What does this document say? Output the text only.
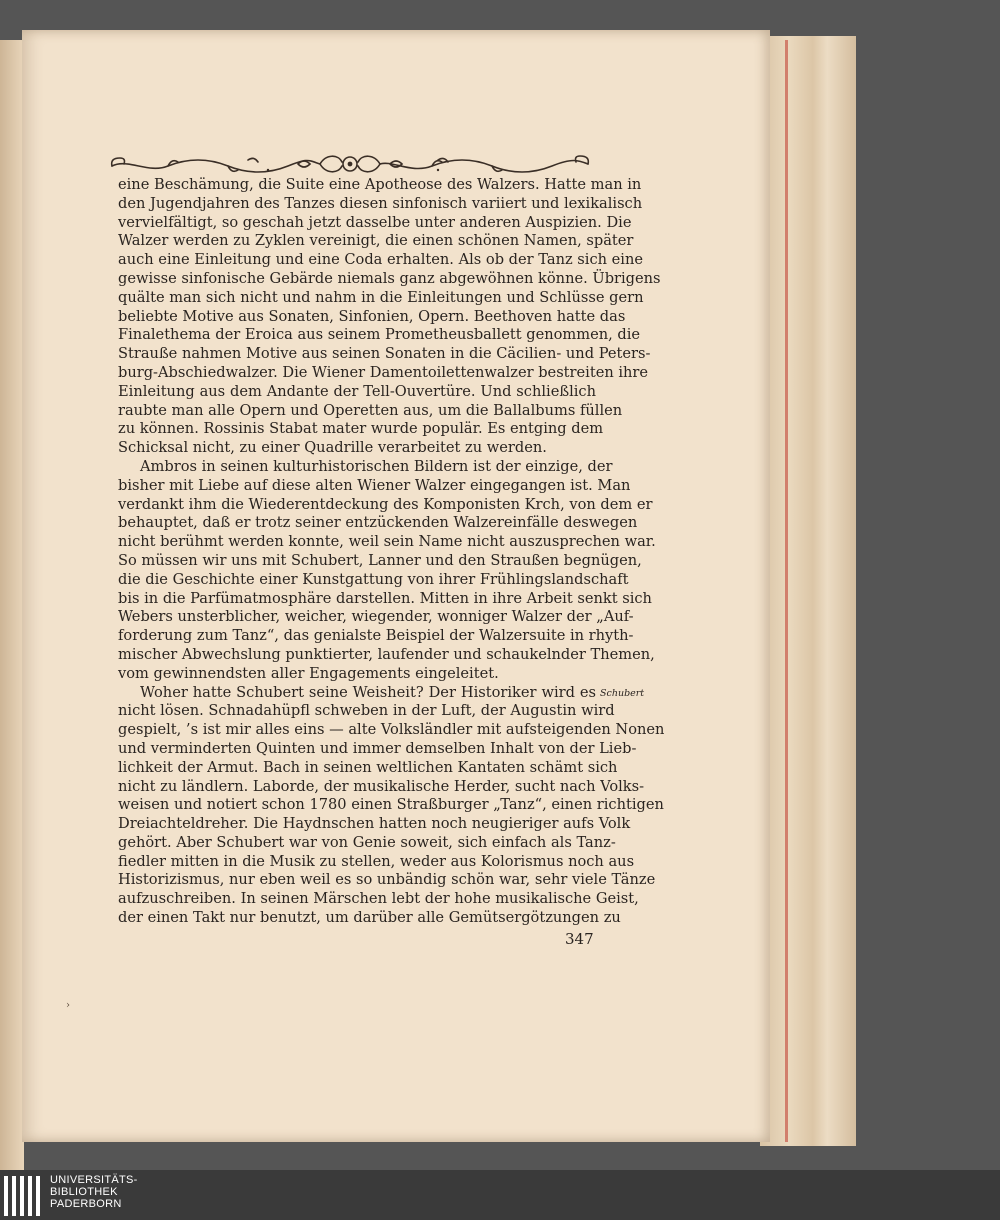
eine Beschämung, die Suite eine Apotheose des Walzers. Hatte man in
den Jugendjahren des Tanzes diesen sinfonisch variiert und lexikalisch
vervielfältigt, so geschah jetzt dasselbe unter anderen Auspizien. Die
Walzer werden zu Zyklen vereinigt, die einen schönen Namen, später
auch eine Einleitung und eine Coda erhalten. Als ob der Tanz sich eine
gewisse sinfonische Gebärde niemals ganz abgewöhnen könne. Übrigens
quälte man sich nicht und nahm in die Einleitungen und Schlüsse gern
beliebte Motive aus Sonaten, Sinfonien, Opern. Beethoven hatte das
Finalethema der Eroica aus seinem Prometheusballett genommen, die
Strauße nahmen Motive aus seinen Sonaten in die Cäcilien- und Peters-
burg-Abschiedwalzer. Die Wiener Damentoilettenwalzer bestreiten ihre
Einleitung aus dem Andante der Tell-Ouvertüre. Und schließlich
raubte man alle Opern und Operetten aus, um die Ballalbums füllen
zu können. Rossinis Stabat mater wurde populär. Es entging dem
Schicksal nicht, zu einer Quadrille verarbeitet zu werden.

Ambros in seinen kulturhistorischen Bildern ist der einzige, der
bisher mit Liebe auf diese alten Wiener Walzer eingegangen ist. Man
verdankt ihm die Wiederentdeckung des Komponisten Krch, von dem er
behauptet, daß er trotz seiner entzückenden Walzereinfälle deswegen
nicht berühmt werden konnte, weil sein Name nicht auszusprechen war.
So müssen wir uns mit Schubert, Lanner und den Straußen begnügen,
die die Geschichte einer Kunstgattung von ihrer Frühlingslandschaft
bis in die Parfümatmosphäre darstellen. Mitten in ihre Arbeit senkt sich
Webers unsterblicher, weicher, wiegender, wonniger Walzer der „Auf-
forderung zum Tanz“, das genialste Beispiel der Walzersuite in rhyth-
mischer Abwechslung punktierter, laufender und schaukelnder Themen,
vom gewinnendsten aller Engagements eingeleitet.

Woher hatte Schubert seine Weisheit? Der Historiker wird es
nicht lösen. Schnadahüpfl schweben in der Luft, der Augustin wird
gespielt, ’s ist mir alles eins — alte Volksländler mit aufsteigenden Nonen
und verminderten Quinten und immer demselben Inhalt von der Lieb-
lichkeit der Armut. Bach in seinen weltlichen Kantaten schämt sich
nicht zu ländlern. Laborde, der musikalische Herder, sucht nach Volks-
weisen und notiert schon 1780 einen Straßburger „Tanz“, einen richtigen
Dreiachteldreher. Die Haydnschen hatten noch neugieriger aufs Volk
gehört. Aber Schubert war von Genie soweit, sich einfach als Tanz-
fiedler mitten in die Musik zu stellen, weder aus Kolorismus noch aus
Historizismus, nur eben weil es so unbändig schön war, sehr viele Tänze
aufzuschreiben. In seinen Märschen lebt der hohe musikalische Geist,
der einen Takt nur benutzt, um darüber alle Gemütsergötzungen zu

Schubert
347
›
UNIVERSITÄTS-
BIBLIOTHEK
PADERBORN
